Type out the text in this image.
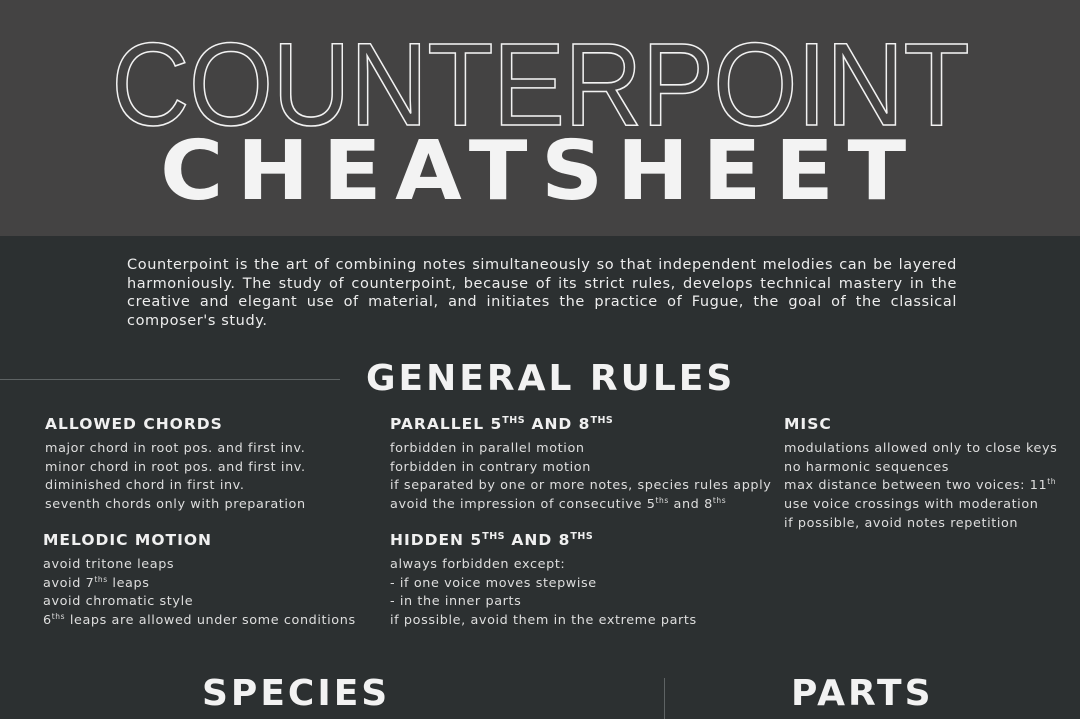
COUNTERPOINT
CHEATSHEET
Counterpoint is the art of combining notes simultaneously so that independent melodies can be layered harmoniously. The study of counterpoint, because of its strict rules, develops technical mastery in the creative and elegant use of material, and initiates the practice of Fugue, the goal of the classical composer's study.
GENERAL RULES
ALLOWED CHORDS
major chord in root pos. and first inv.
minor chord in root pos. and first inv.
diminished chord in first inv.
seventh chords only with preparation
MELODIC MOTION
avoid tritone leaps
avoid $7^{ths}$ leaps
avoid chromatic style
$6^{ths}$ leaps are allowed under some conditions
PARALLEL $5^{THS}$ AND $8^{THS}$
forbidden in parallel motion
forbidden in contrary motion
if separated by one or more notes, species rules apply
avoid the impression of consecutive $5^{ths}$ and $8^{ths}$
HIDDEN $5^{THS}$ AND $8^{THS}$
always forbidden except:
- if one voice moves stepwise
- in the inner parts
if possible, avoid them in the extreme parts
MISC
modulations allowed only to close keys
no harmonic sequences
max distance between two voices: 11th
use voice crossings with moderation
if possible, avoid notes repetition
SPECIES	PARTS
